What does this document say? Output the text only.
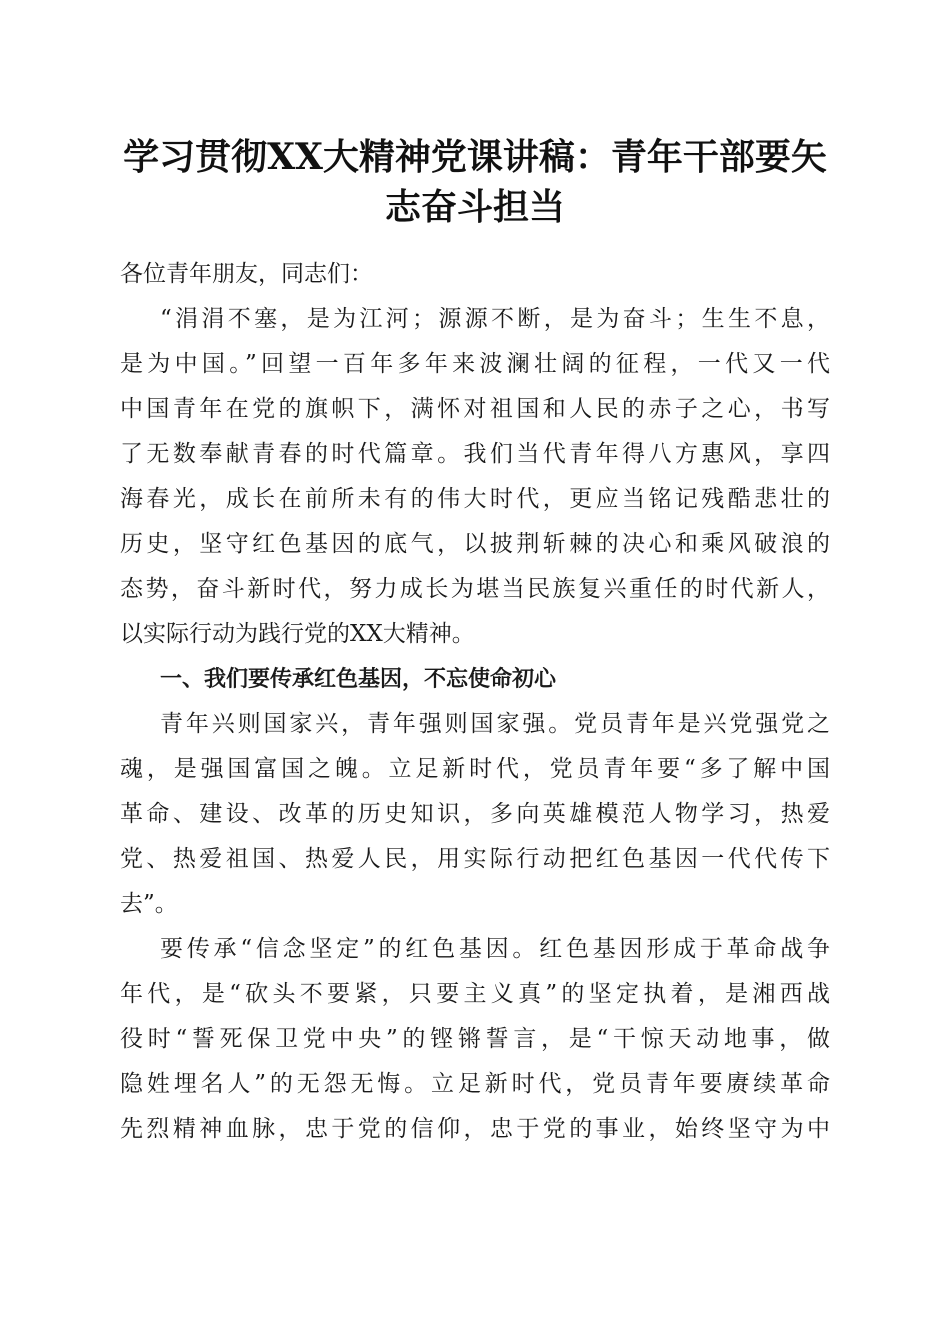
学习贯彻XX大精神党课讲稿：青年干部要矢志奋斗担当
各位青年朋友，同志们：
“涓涓不塞，是为江河；源源不断，是为奋斗；生生不息，
是为中国。”回望一百年多年来波澜壮阔的征程，一代又一代
中国青年在党的旗帜下，满怀对祖国和人民的赤子之心，书写
了无数奉献青春的时代篇章。我们当代青年得八方惠风，享四
海春光，成长在前所未有的伟大时代，更应当铭记残酷悲壮的
历史，坚守红色基因的底气，以披荆斩棘的决心和乘风破浪的
态势，奋斗新时代，努力成长为堪当民族复兴重任的时代新人，
以实际行动为践行党的XX大精神。
一、我们要传承红色基因，不忘使命初心
青年兴则国家兴，青年强则国家强。党员青年是兴党强党之
魂，是强国富国之魄。立足新时代，党员青年要“多了解中国
革命、建设、改革的历史知识，多向英雄模范人物学习，热爱
党、热爱祖国、热爱人民，用实际行动把红色基因一代代传下
去”。
要传承“信念坚定”的红色基因。红色基因形成于革命战争
年代，是“砍头不要紧，只要主义真”的坚定执着，是湘西战
役时“誓死保卫党中央”的铿锵誓言，是“干惊天动地事，做
隐姓埋名人”的无怨无悔。立足新时代，党员青年要赓续革命
先烈精神血脉，忠于党的信仰，忠于党的事业，始终坚守为中
